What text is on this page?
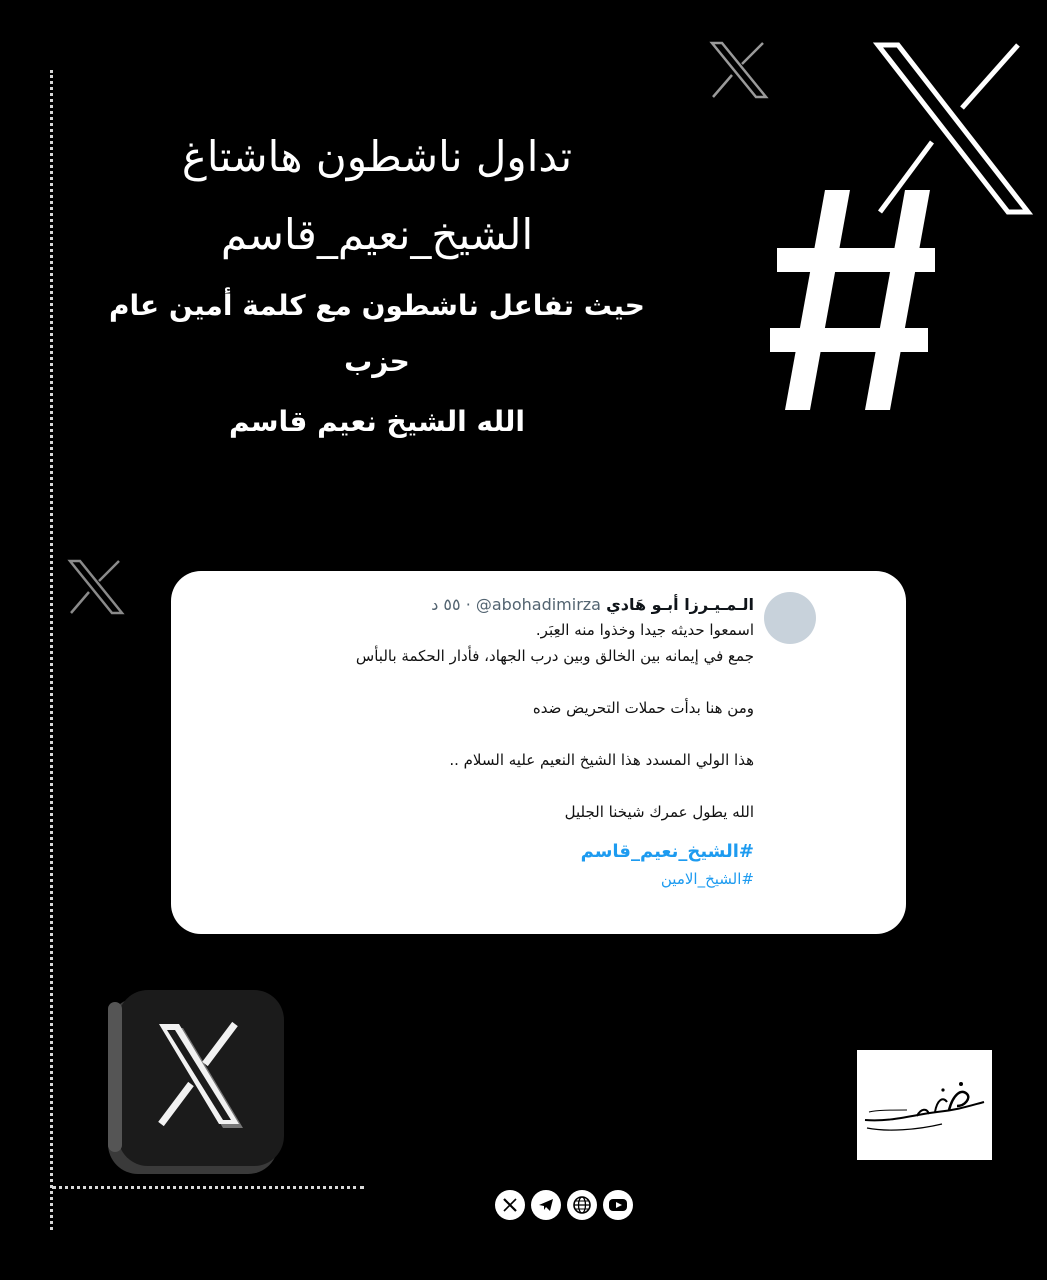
تداول ناشطون هاشتاغ
الشيخ_نعيم_قاسم
حيث تفاعل ناشطون مع كلمة أمين عام حزب
الله الشيخ نعيم قاسم
الـمـيـرزا أبـو هَادي @abohadimirza · ٥٥ د

اسمعوا حديثه جيدا وخذوا منه العِبَر.

جمع في إيمانه بين الخالق وبين درب الجهاد، فأدار الحكمة بالبأس

ومن هنا بدأت حملات التحريض ضده

هذا الولي المسدد هذا الشيخ النعيم عليه السلام ..

الله يطول عمرك شيخنا الجليل

#الشيخ_نعيم_قاسم
#الشيخ_الامين
